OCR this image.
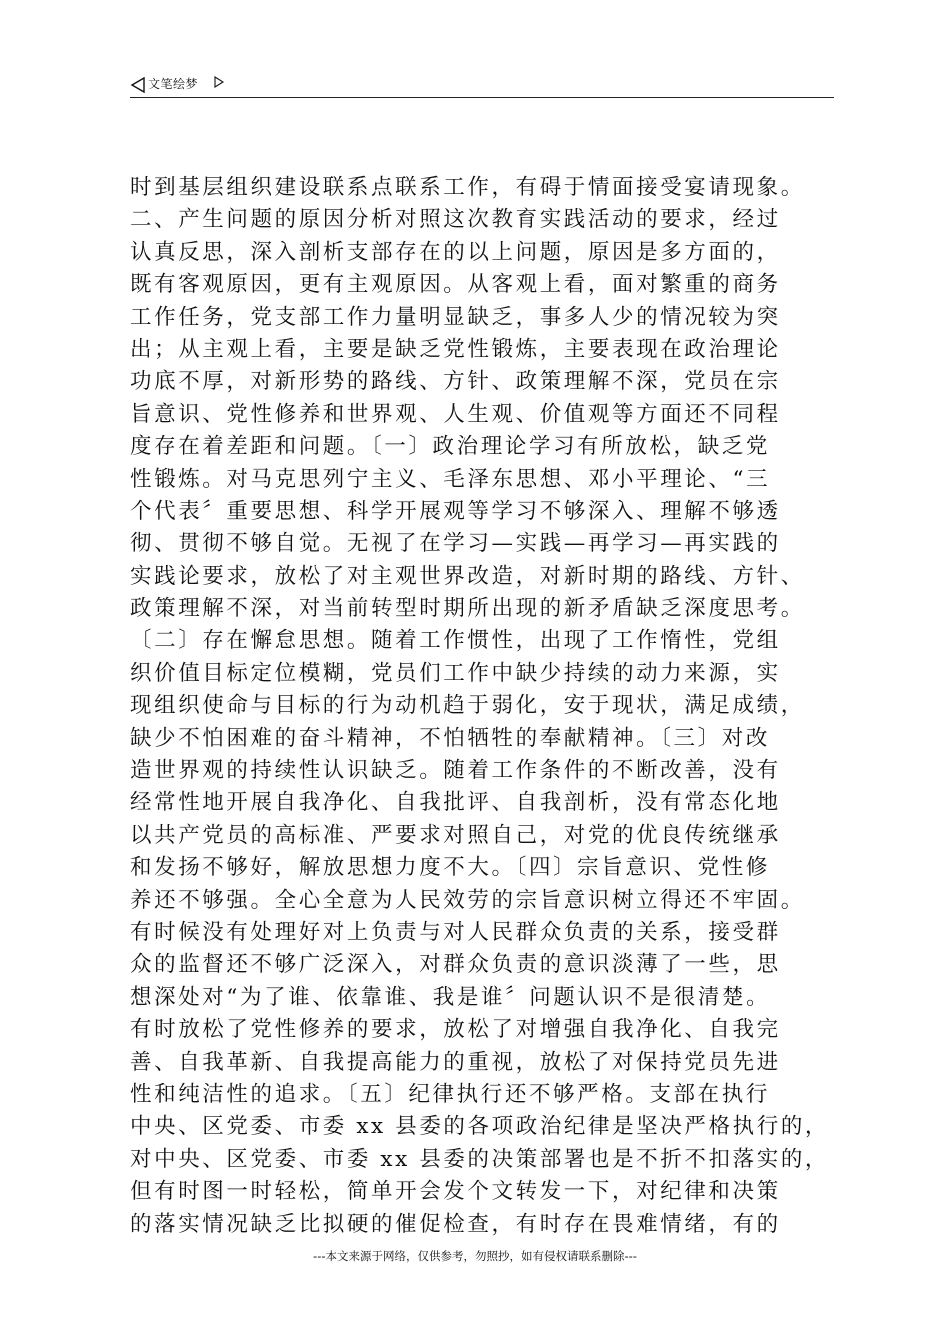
文笔绘梦
时到基层组织建设联系点联系工作，有碍于情面接受宴请现象。
二、产生问题的原因分析对照这次教育实践活动的要求，经过
认真反思，深入剖析支部存在的以上问题，原因是多方面的，
既有客观原因，更有主观原因。从客观上看，面对繁重的商务
工作任务，党支部工作力量明显缺乏，事多人少的情况较为突
出；从主观上看，主要是缺乏党性锻炼，主要表现在政治理论
功底不厚，对新形势的路线、方针、政策理解不深，党员在宗
旨意识、党性修养和世界观、人生观、价值观等方面还不同程
度存在着差距和问题。〔一〕政治理论学习有所放松，缺乏党
性锻炼。对马克思列宁主义、毛泽东思想、邓小平理论、“三
个代表〞重要思想、科学开展观等学习不够深入、理解不够透
彻、贯彻不够自觉。无视了在学习—实践—再学习—再实践的
实践论要求，放松了对主观世界改造，对新时期的路线、方针、
政策理解不深，对当前转型时期所出现的新矛盾缺乏深度思考。
〔二〕存在懈怠思想。随着工作惯性，出现了工作惰性，党组
织价值目标定位模糊，党员们工作中缺少持续的动力来源，实
现组织使命与目标的行为动机趋于弱化，安于现状，满足成绩，
缺少不怕困难的奋斗精神，不怕牺牲的奉献精神。〔三〕对改
造世界观的持续性认识缺乏。随着工作条件的不断改善，没有
经常性地开展自我净化、自我批评、自我剖析，没有常态化地
以共产党员的高标准、严要求对照自己，对党的优良传统继承
和发扬不够好，解放思想力度不大。〔四〕宗旨意识、党性修
养还不够强。全心全意为人民效劳的宗旨意识树立得还不牢固。
有时候没有处理好对上负责与对人民群众负责的关系，接受群
众的监督还不够广泛深入，对群众负责的意识淡薄了一些，思
想深处对“为了谁、依靠谁、我是谁〞问题认识不是很清楚。
有时放松了党性修养的要求，放松了对增强自我净化、自我完
善、自我革新、自我提高能力的重视，放松了对保持党员先进
性和纯洁性的追求。〔五〕纪律执行还不够严格。支部在执行
中央、区党委、市委 xx 县委的各项政治纪律是坚决严格执行的，
对中央、区党委、市委 xx 县委的决策部署也是不折不扣落实的，
但有时图一时轻松，简单开会发个文转发一下，对纪律和决策
的落实情况缺乏比拟硬的催促检查，有时存在畏难情绪，有的
---本文来源于网络，仅供参考，勿照抄，如有侵权请联系删除---
